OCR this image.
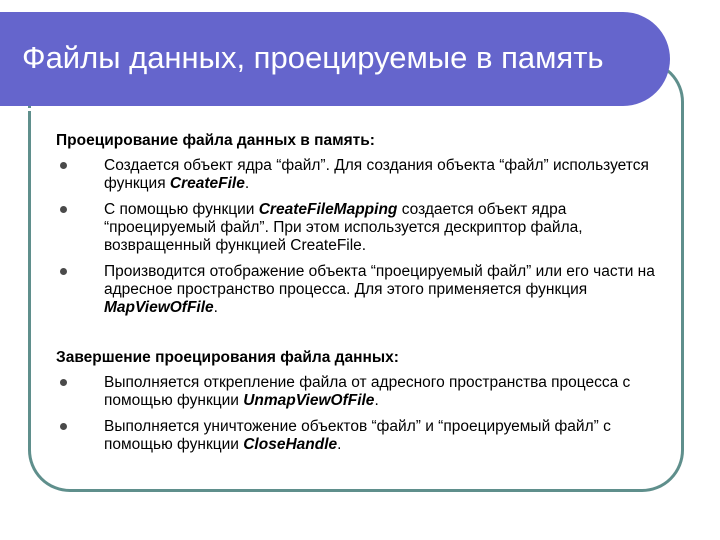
Файлы данных, проецируемые в память
Проецирование файла данных в память:
Создается объект ядра “файл”. Для создания объекта “файл” используется функция CreateFile.
С помощью функции CreateFileMapping создается объект ядра “проецируемый файл”. При этом используется дескриптор файла, возвращенный функцией CreateFile.
Производится отображение объекта “проецируемый файл” или его части на адресное пространство процесса. Для этого применяется функция MapViewOfFile.
Завершение проецирования файла данных:
Выполняется открепление файла от адресного пространства процесса с помощью функции UnmapViewOfFile.
Выполняется уничтожение объектов “файл” и “проецируемый файл” с помощью функции CloseHandle.
